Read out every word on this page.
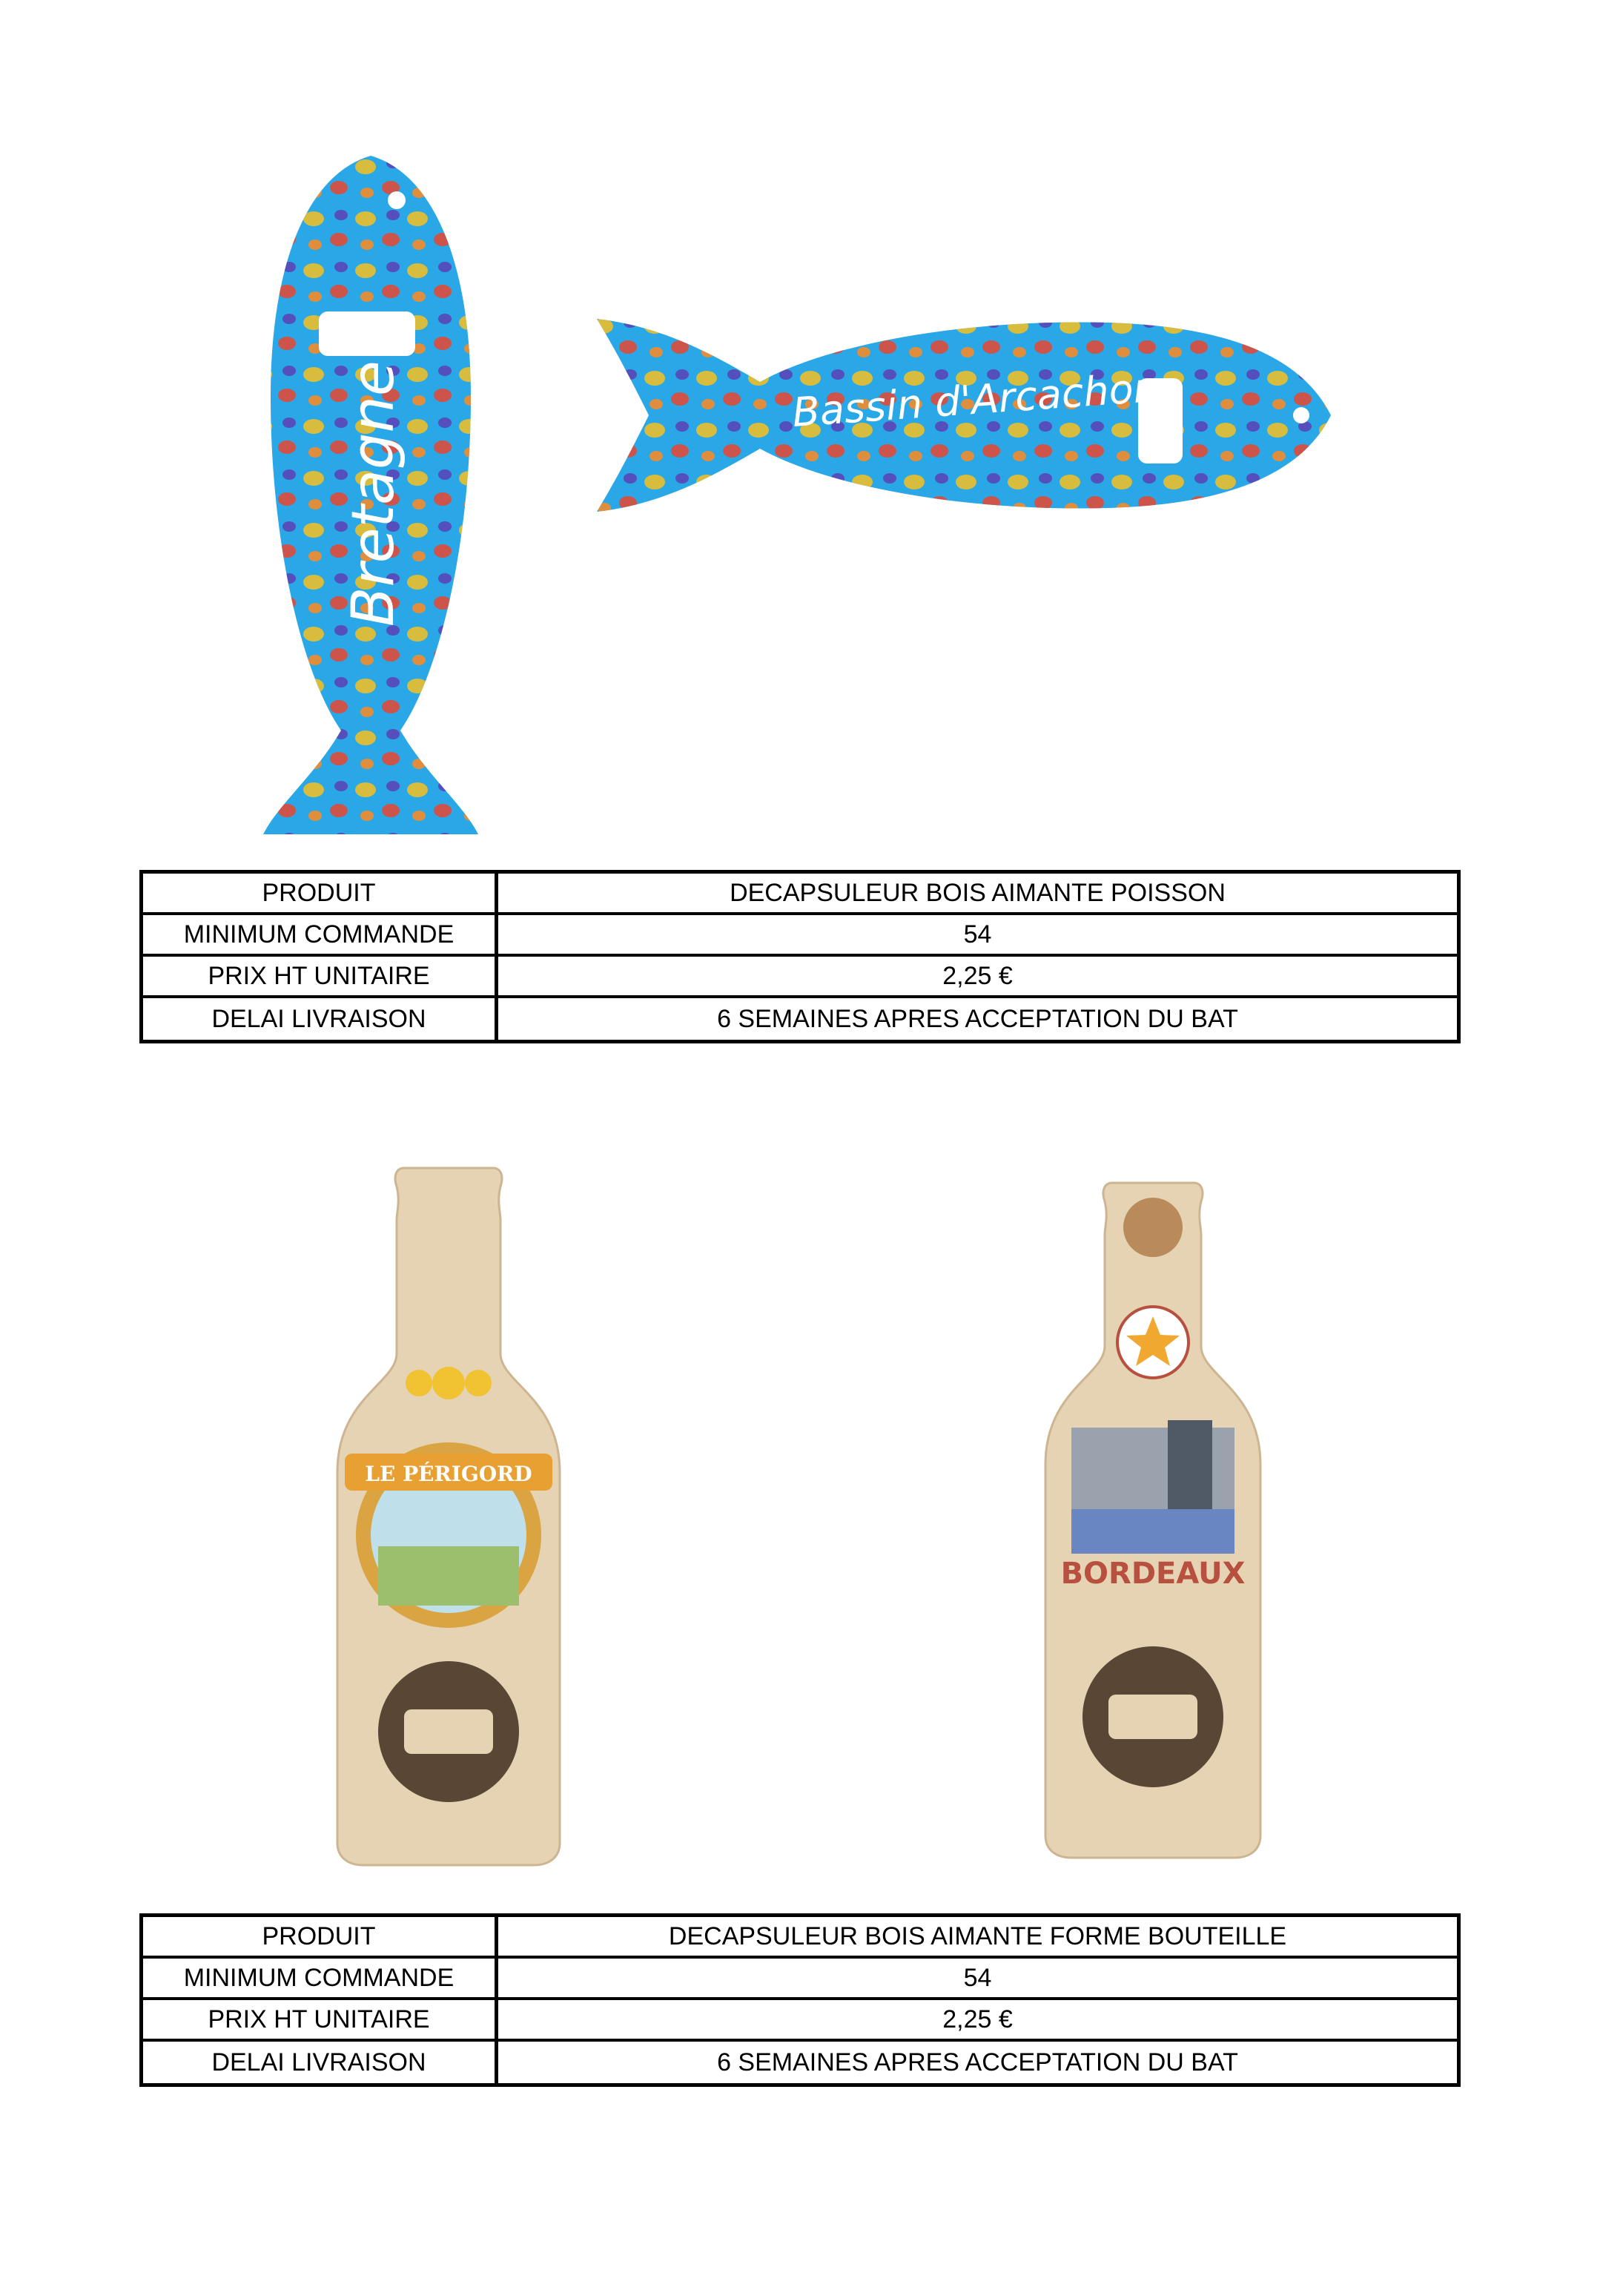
Bretagne	Bassin d'Arcachon
PRODUIT	DECAPSULEUR BOIS AIMANTE POISSON
MINIMUM COMMANDE	54
PRIX HT UNITAIRE	2,25 €
DELAI LIVRAISON	6 SEMAINES APRES ACCEPTATION DU BAT
LE PÉRIGORD
BORDEAUX
PRODUIT	DECAPSULEUR BOIS AIMANTE FORME BOUTEILLE
MINIMUM COMMANDE	54
PRIX HT UNITAIRE	2,25 €
DELAI LIVRAISON	6 SEMAINES APRES ACCEPTATION DU BAT
